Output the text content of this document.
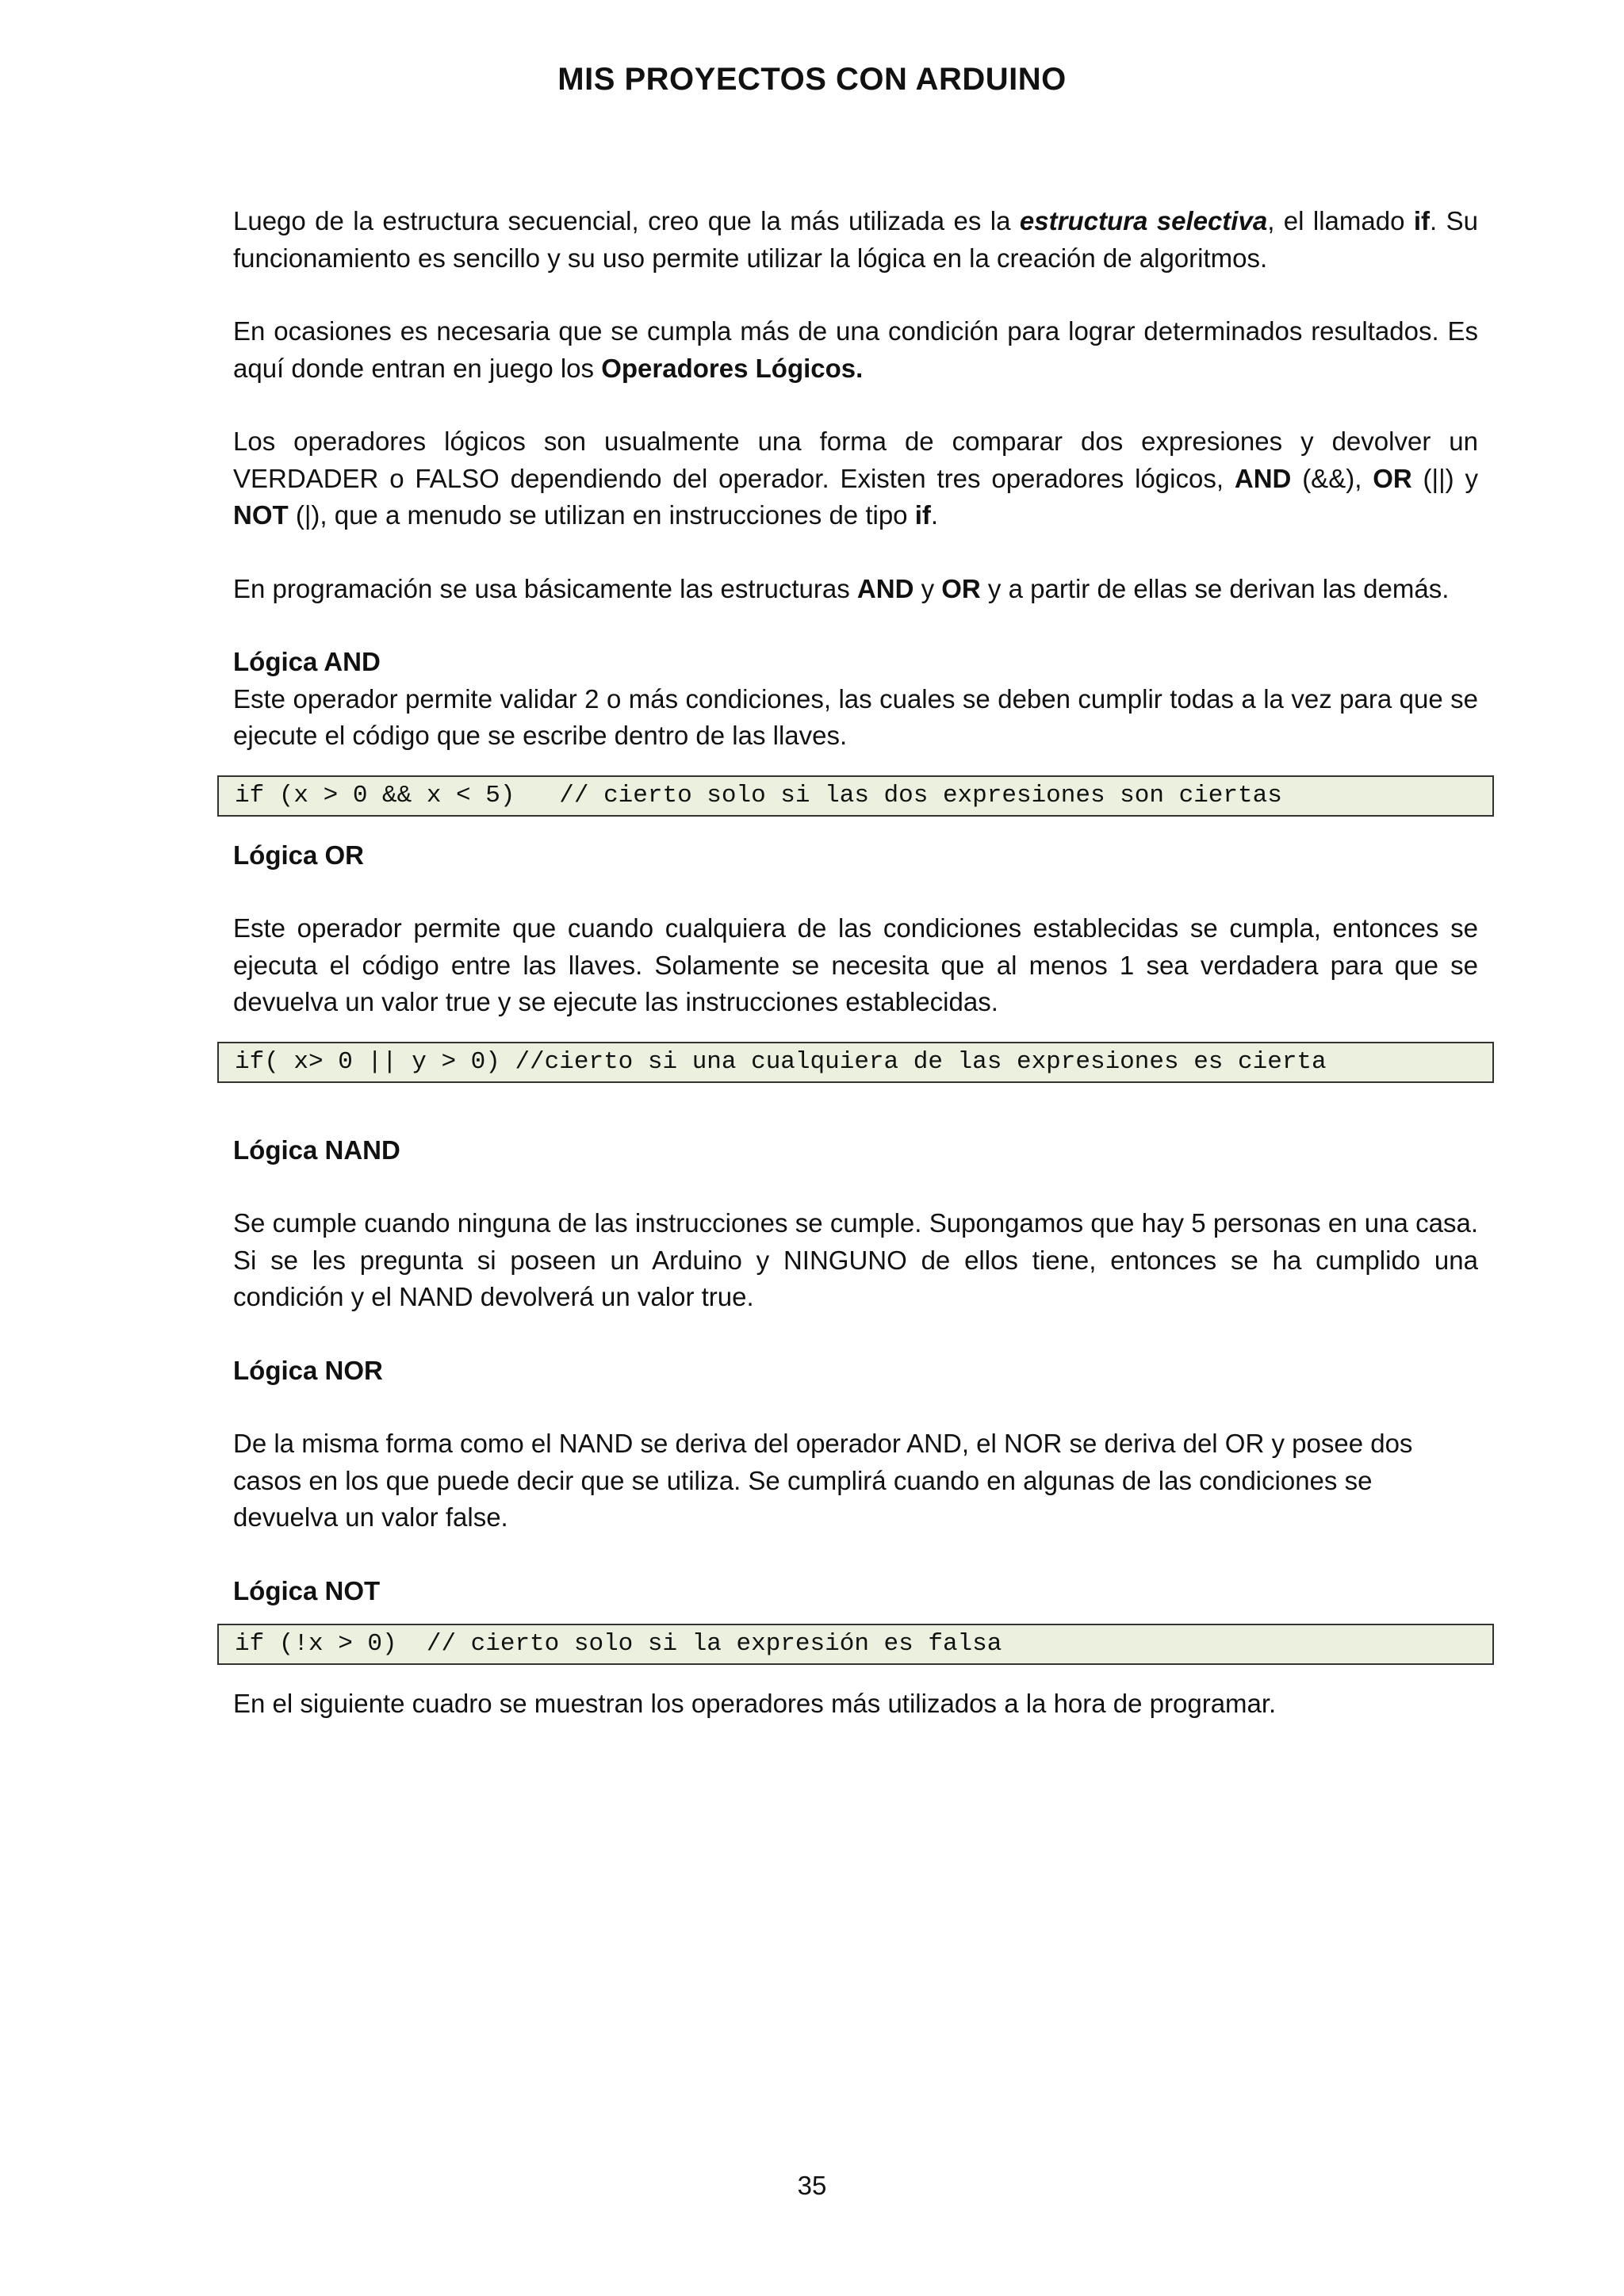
MIS PROYECTOS CON ARDUINO

Luego de la estructura secuencial, creo que la más utilizada es la estructura selectiva, el llamado if. Su funcionamiento es sencillo y su uso permite utilizar la lógica en la creación de algoritmos.

En ocasiones es necesaria que se cumpla más de una condición para lograr determinados resultados. Es aquí donde entran en juego los Operadores Lógicos.

Los operadores lógicos son usualmente una forma de comparar dos expresiones y devolver un VERDADER o FALSO dependiendo del operador. Existen tres operadores lógicos, AND (&&), OR (||) y NOT (|), que a menudo se utilizan en instrucciones de tipo if.

En programación se usa básicamente las estructuras AND y OR y a partir de ellas se derivan las demás.

Lógica AND

Este operador permite validar 2 o más condiciones, las cuales se deben cumplir todas a la vez para que se ejecute el código que se escribe dentro de las llaves.

if (x > 0 && x < 5)   // cierto solo si las dos expresiones son ciertas

Lógica OR

Este operador permite que cuando cualquiera de las condiciones establecidas se cumpla, entonces se ejecuta el código entre las llaves. Solamente se necesita que al menos 1 sea verdadera para que se devuelva un valor true y se ejecute las instrucciones establecidas.

if( x> 0 || y > 0) //cierto si una cualquiera de las expresiones es cierta

Lógica NAND

Se cumple cuando ninguna de las instrucciones se cumple. Supongamos que hay 5 personas en una casa. Si se les pregunta si poseen un Arduino y NINGUNO de ellos tiene, entonces se ha cumplido una condición y el NAND devolverá un valor true.

Lógica NOR

De la misma forma como el NAND se deriva del operador AND, el NOR se deriva del OR y posee dos casos en los que puede decir que se utiliza. Se cumplirá cuando en algunas de las condiciones se devuelva un valor false.

Lógica NOT

if (!x > 0)  // cierto solo si la expresión es falsa

En el siguiente cuadro se muestran los operadores más utilizados a la hora de programar.

35
